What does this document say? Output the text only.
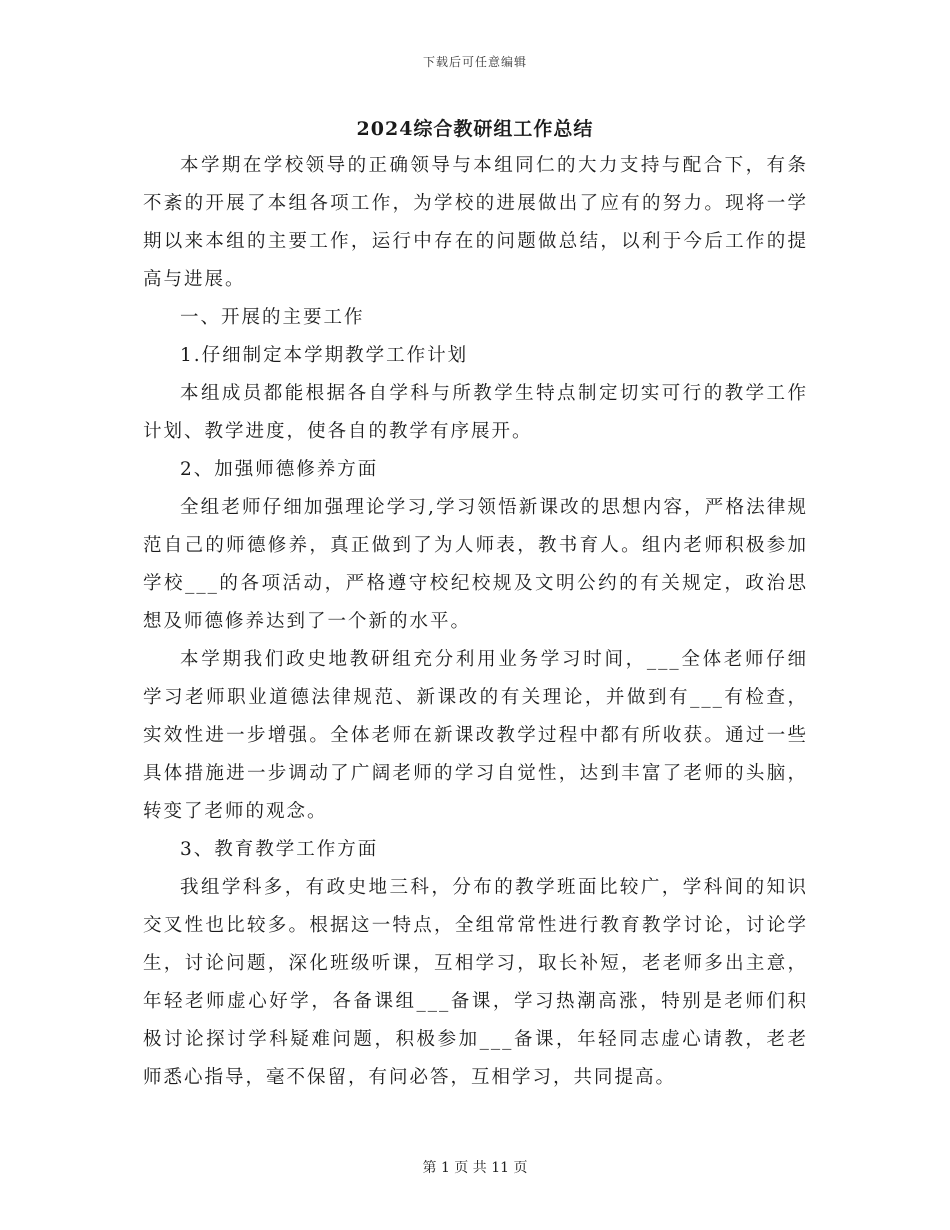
下载后可任意编辑
2024综合教研组工作总结

本学期在学校领导的正确领导与本组同仁的大力支持与配合下，有条不紊的开展了本组各项工作，为学校的进展做出了应有的努力。现将一学期以来本组的主要工作，运行中存在的问题做总结，以利于今后工作的提高与进展。

一、开展的主要工作

1.仔细制定本学期教学工作计划

本组成员都能根据各自学科与所教学生特点制定切实可行的教学工作计划、教学进度，使各自的教学有序展开。

2、加强师德修养方面

全组老师仔细加强理论学习,学习领悟新课改的思想内容，严格法律规范自己的师德修养，真正做到了为人师表，教书育人。组内老师积极参加学校___的各项活动，严格遵守校纪校规及文明公约的有关规定，政治思想及师德修养达到了一个新的水平。

本学期我们政史地教研组充分利用业务学习时间，___全体老师仔细学习老师职业道德法律规范、新课改的有关理论，并做到有___有检查，实效性进一步增强。全体老师在新课改教学过程中都有所收获。通过一些具体措施进一步调动了广阔老师的学习自觉性，达到丰富了老师的头脑，转变了老师的观念。

3、教育教学工作方面

我组学科多，有政史地三科，分布的教学班面比较广，学科间的知识交叉性也比较多。根据这一特点，全组常常性进行教育教学讨论，讨论学生，讨论问题，深化班级听课，互相学习，取长补短，老老师多出主意，年轻老师虚心好学，各备课组___备课，学习热潮高涨，特别是老师们积极讨论探讨学科疑难问题，积极参加___备课，年轻同志虚心请教，老老师悉心指导，毫不保留，有问必答，互相学习，共同提高。

第 1 页 共 11 页
